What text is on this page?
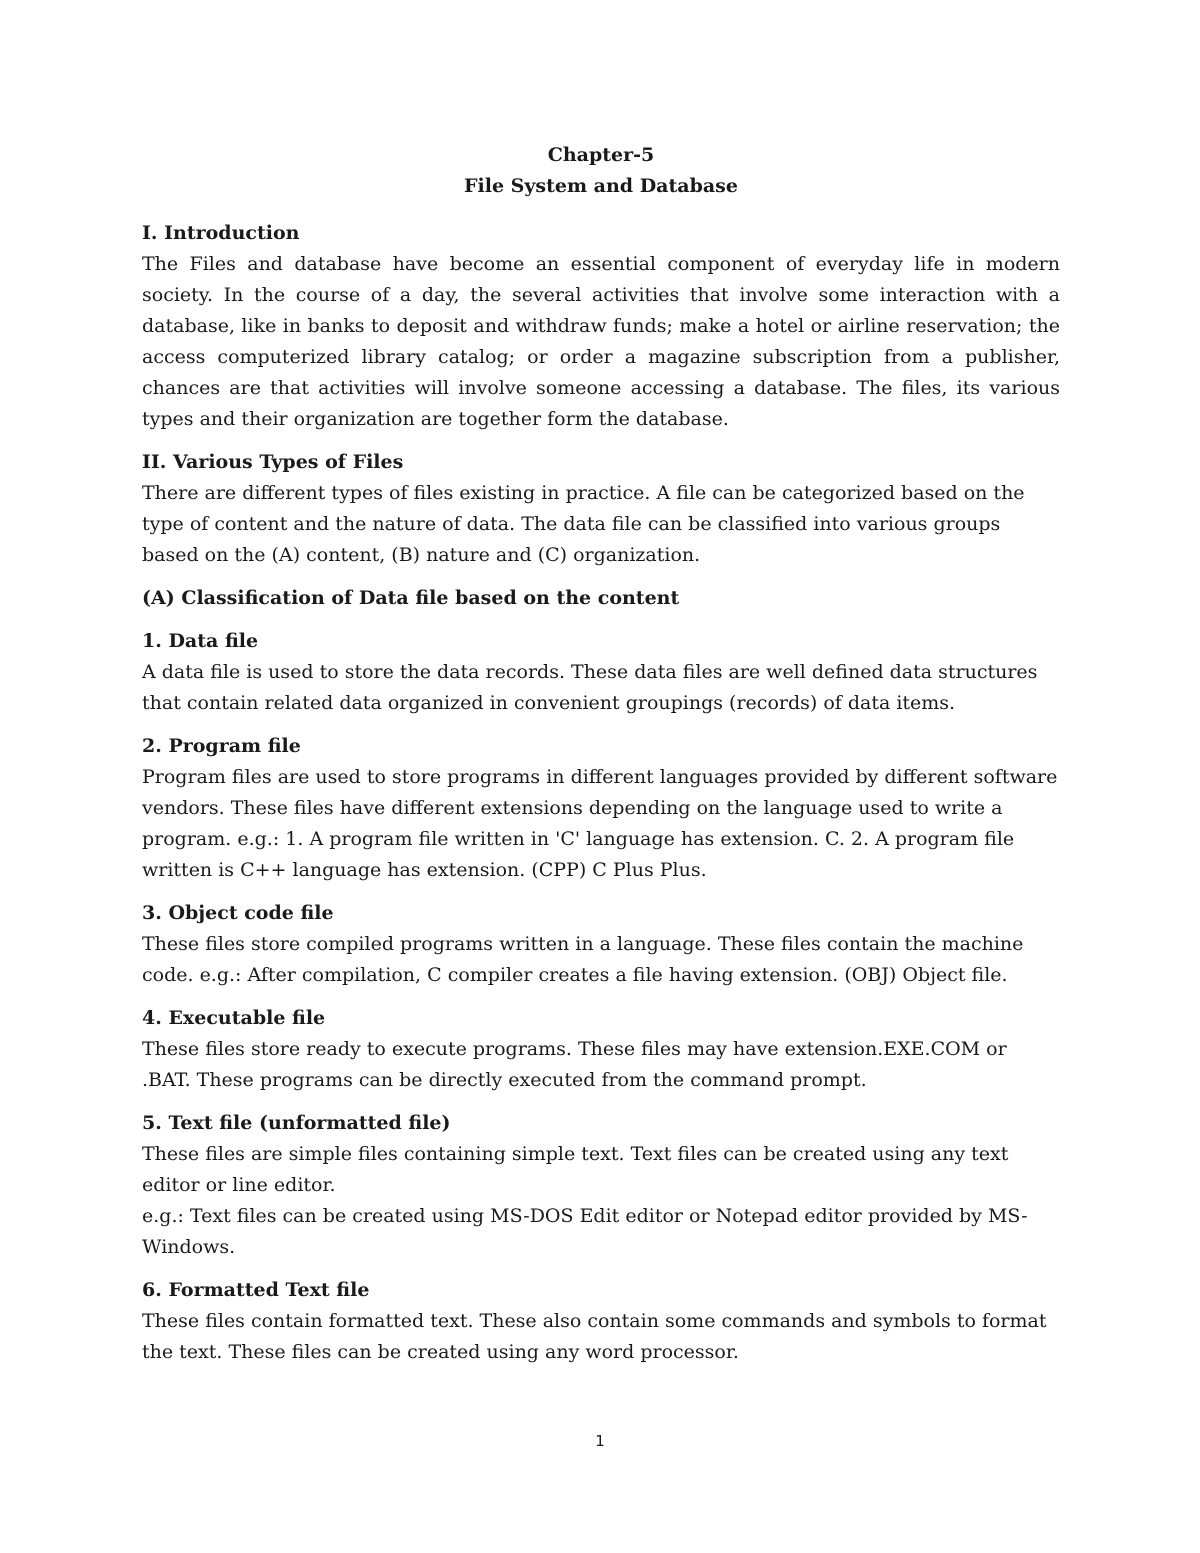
Chapter-5
File System and Database
I. Introduction

The Files and database have become an essential component of everyday life in modern society. In the course of a day, the several activities that involve some interaction with a database, like in banks to deposit and withdraw funds; make a hotel or airline reservation; the access computerized library catalog; or order a magazine subscription from a publisher, chances are that activities will involve someone accessing a database. The files, its various types and their organization are together form the database.

II. Various Types of Files

There are different types of files existing in practice. A file can be categorized based on the type of content and the nature of data. The data file can be classified into various groups based on the (A) content, (B) nature and (C) organization.

(A) Classification of Data file based on the content
1. Data file

A data file is used to store the data records. These data files are well defined data structures that contain related data organized in convenient groupings (records) of data items.

2. Program file

Program files are used to store programs in different languages provided by different software vendors. These files have different extensions depending on the language used to write a program. e.g.: 1. A program file written in 'C' language has extension. C. 2. A program file written is C++ language has extension. (CPP) C Plus Plus.

3. Object code file

These files store compiled programs written in a language. These files contain the machine code. e.g.: After compilation, C compiler creates a file having extension. (OBJ) Object file.

4. Executable file

These files store ready to execute programs. These files may have extension.EXE.COM or .BAT. These programs can be directly executed from the command prompt.

5. Text file (unformatted file)

These files are simple files containing simple text. Text files can be created using any text editor or line editor.

e.g.: Text files can be created using MS-DOS Edit editor or Notepad editor provided by MS-Windows.

6. Formatted Text file

These files contain formatted text. These also contain some commands and symbols to format the text. These files can be created using any word processor.

1
